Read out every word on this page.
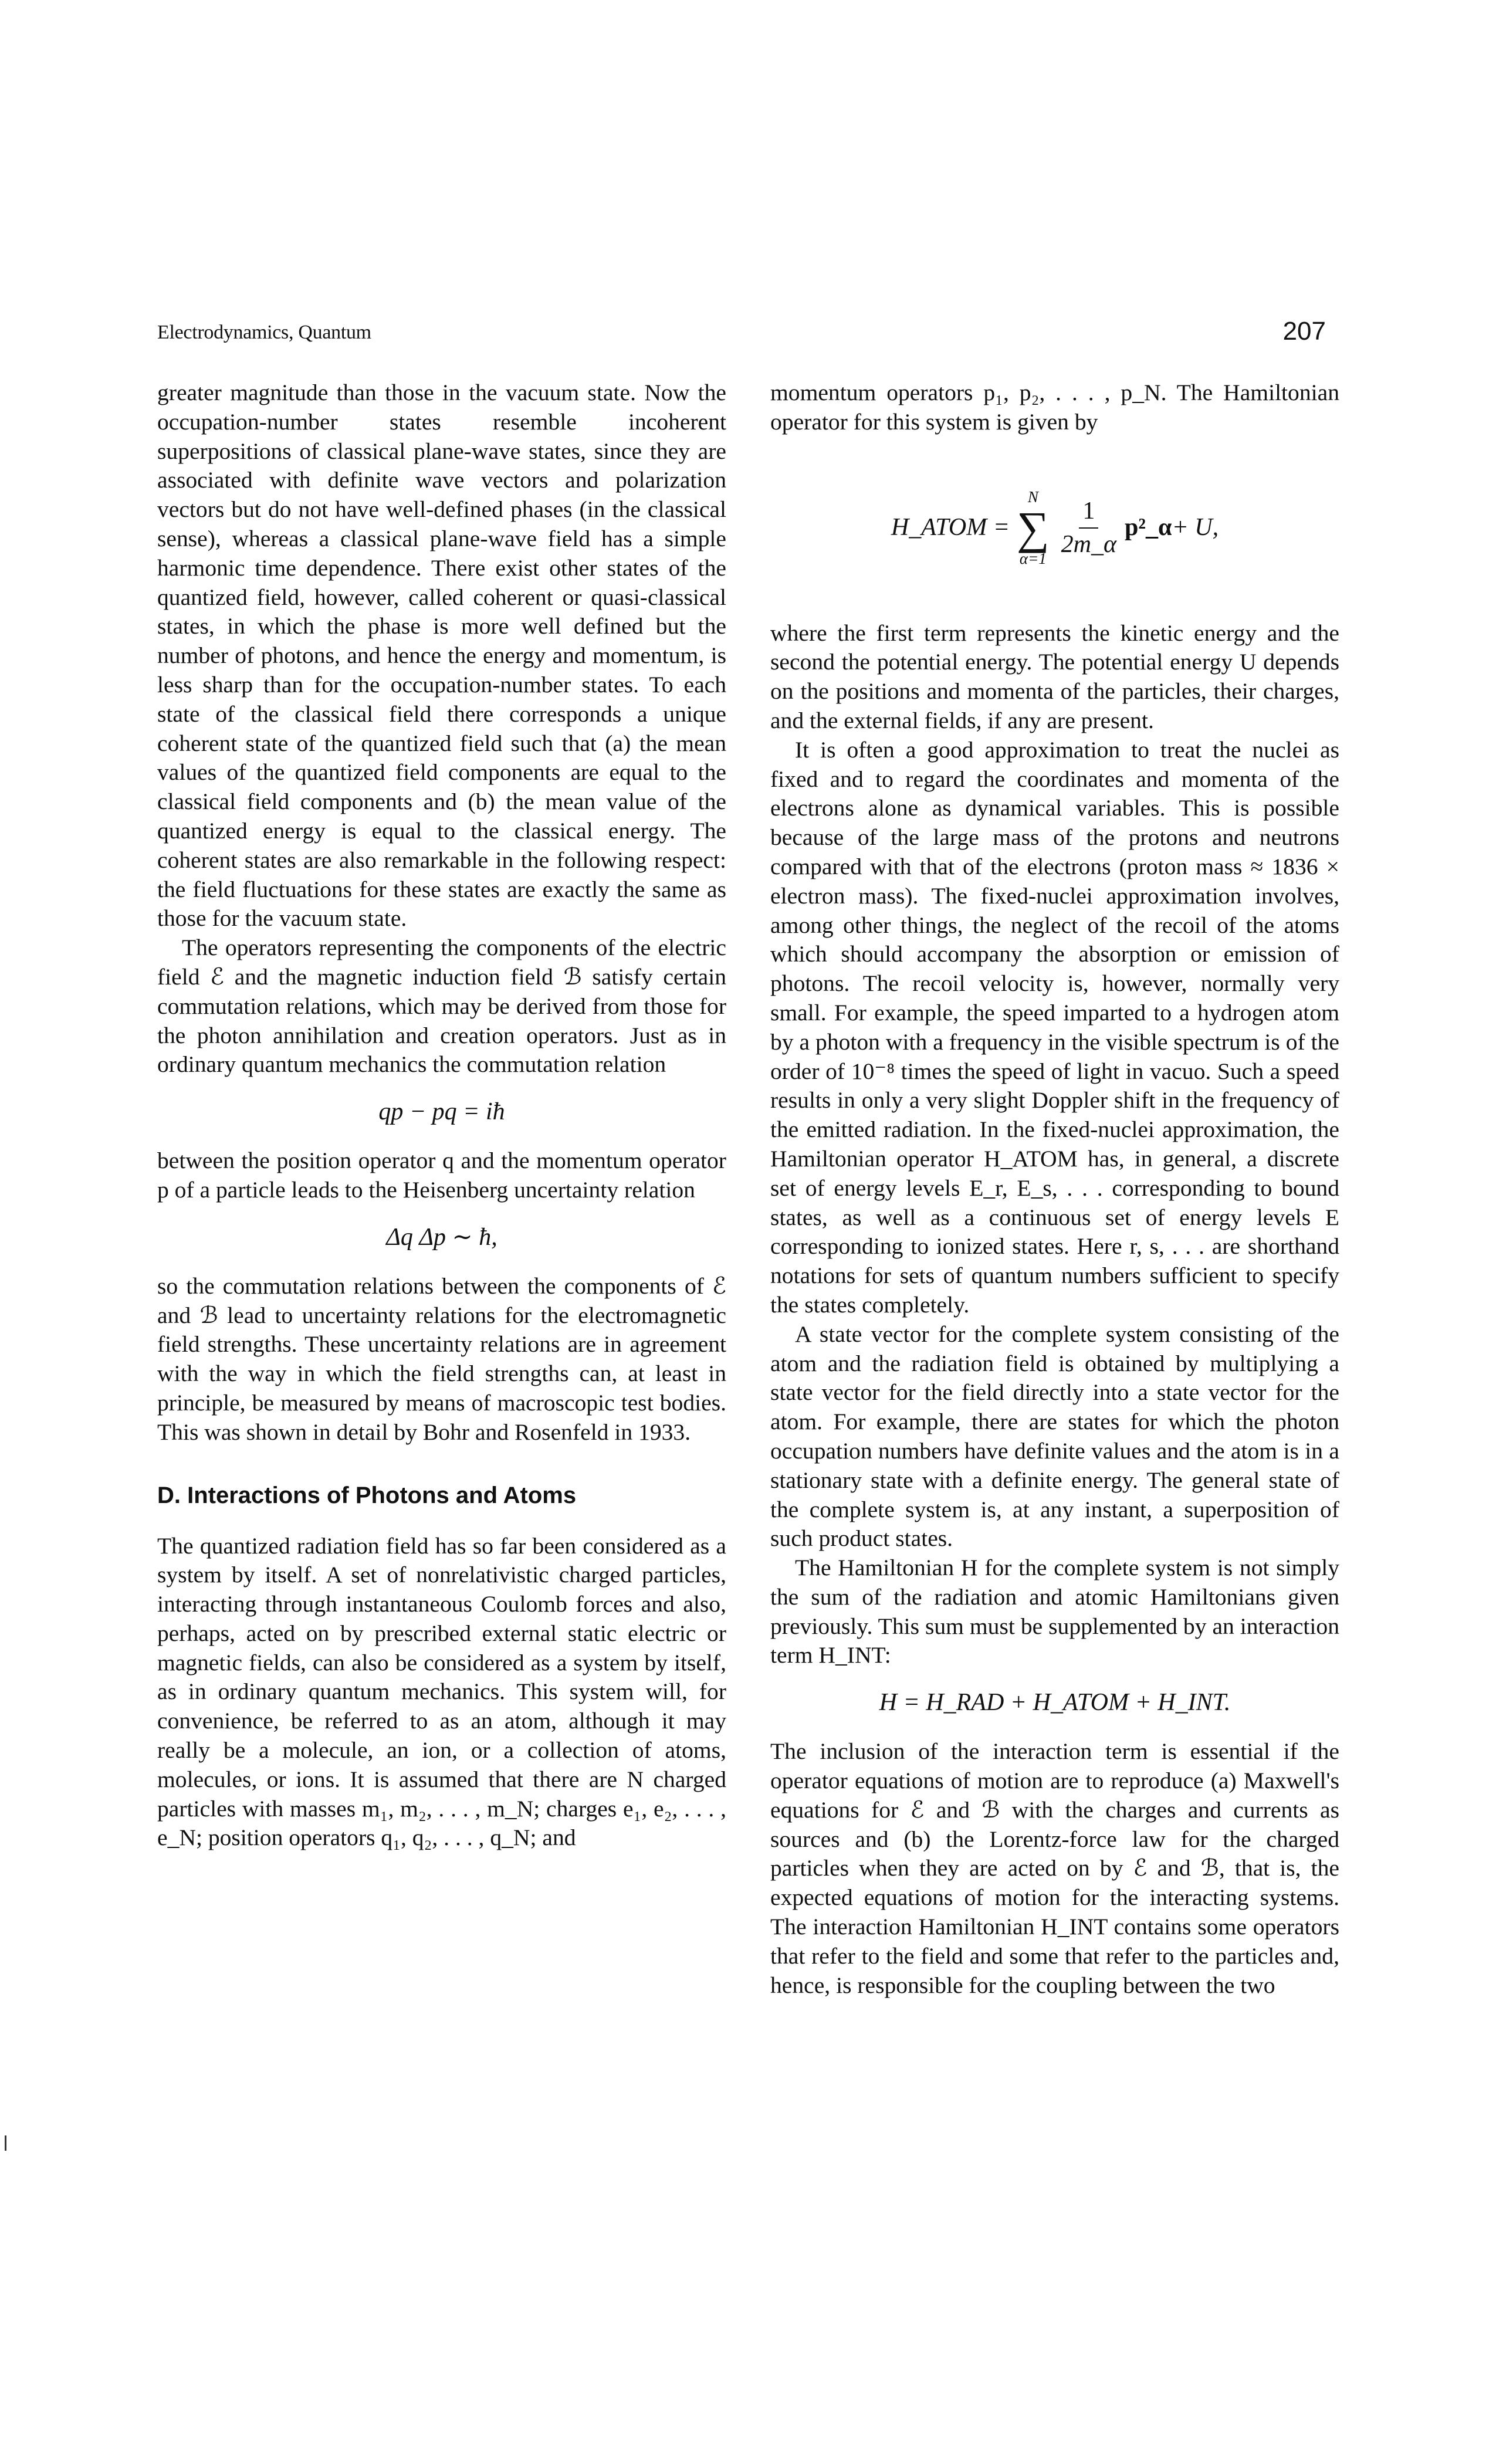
Electrodynamics, Quantum	207

greater magnitude than those in the vacuum state. Now the occupation-number states resemble incoherent superpositions of classical plane-wave states, since they are associated with definite wave vectors and polarization vectors but do not have well-defined phases (in the classical sense), whereas a classical plane-wave field has a simple harmonic time dependence. There exist other states of the quantized field, however, called coherent or quasi-classical states, in which the phase is more well defined but the number of photons, and hence the energy and momentum, is less sharp than for the occupation-number states. To each state of the classical field there corresponds a unique coherent state of the quantized field such that (a) the mean values of the quantized field components are equal to the classical field components and (b) the mean value of the quantized energy is equal to the classical energy. The coherent states are also remarkable in the following respect: the field fluctuations for these states are exactly the same as those for the vacuum state.

The operators representing the components of the electric field ℰ and the magnetic induction field ℬ satisfy certain commutation relations, which may be derived from those for the photon annihilation and creation operators. Just as in ordinary quantum mechanics the commutation relation

qp − pq = iħ

between the position operator q and the momentum operator p of a particle leads to the Heisenberg uncertainty relation

Δq Δp ∼ ħ,

so the commutation relations between the components of ℰ and ℬ lead to uncertainty relations for the electromagnetic field strengths. These uncertainty relations are in agreement with the way in which the field strengths can, at least in principle, be measured by means of macroscopic test bodies. This was shown in detail by Bohr and Rosenfeld in 1933.

D. Interactions of Photons and Atoms

The quantized radiation field has so far been considered as a system by itself. A set of nonrelativistic charged particles, interacting through instantaneous Coulomb forces and also, perhaps, acted on by prescribed external static electric or magnetic fields, can also be considered as a system by itself, as in ordinary quantum mechanics. This system will, for convenience, be referred to as an atom, although it may really be a molecule, an ion, or a collection of atoms, molecules, or ions. It is assumed that there are N charged particles with masses m₁, m₂, . . . , m_N; charges e₁, e₂, . . . , e_N; position operators q₁, q₂, . . . , q_N; and

momentum operators p₁, p₂, . . . , p_N. The Hamiltonian operator for this system is given by

H_ATOM =
N
∑
α=1
$\frac{1}{2m\_\alpha}$ p²_α + U,

where the first term represents the kinetic energy and the second the potential energy. The potential energy U depends on the positions and momenta of the particles, their charges, and the external fields, if any are present.

It is often a good approximation to treat the nuclei as fixed and to regard the coordinates and momenta of the electrons alone as dynamical variables. This is possible because of the large mass of the protons and neutrons compared with that of the electrons (proton mass ≈ 1836 × electron mass). The fixed-nuclei approximation involves, among other things, the neglect of the recoil of the atoms which should accompany the absorption or emission of photons. The recoil velocity is, however, normally very small. For example, the speed imparted to a hydrogen atom by a photon with a frequency in the visible spectrum is of the order of 10⁻⁸ times the speed of light in vacuo. Such a speed results in only a very slight Doppler shift in the frequency of the emitted radiation. In the fixed-nuclei approximation, the Hamiltonian operator H_ATOM has, in general, a discrete set of energy levels E_r, E_s, . . . corresponding to bound states, as well as a continuous set of energy levels E corresponding to ionized states. Here r, s, . . . are shorthand notations for sets of quantum numbers sufficient to specify the states completely.

A state vector for the complete system consisting of the atom and the radiation field is obtained by multiplying a state vector for the field directly into a state vector for the atom. For example, there are states for which the photon occupation numbers have definite values and the atom is in a stationary state with a definite energy. The general state of the complete system is, at any instant, a superposition of such product states.

The Hamiltonian H for the complete system is not simply the sum of the radiation and atomic Hamiltonians given previously. This sum must be supplemented by an interaction term H_INT:

H = H_RAD + H_ATOM + H_INT.

The inclusion of the interaction term is essential if the operator equations of motion are to reproduce (a) Maxwell's equations for ℰ and ℬ with the charges and currents as sources and (b) the Lorentz-force law for the charged particles when they are acted on by ℰ and ℬ, that is, the expected equations of motion for the interacting systems. The interaction Hamiltonian H_INT contains some operators that refer to the field and some that refer to the particles and, hence, is responsible for the coupling between the two
